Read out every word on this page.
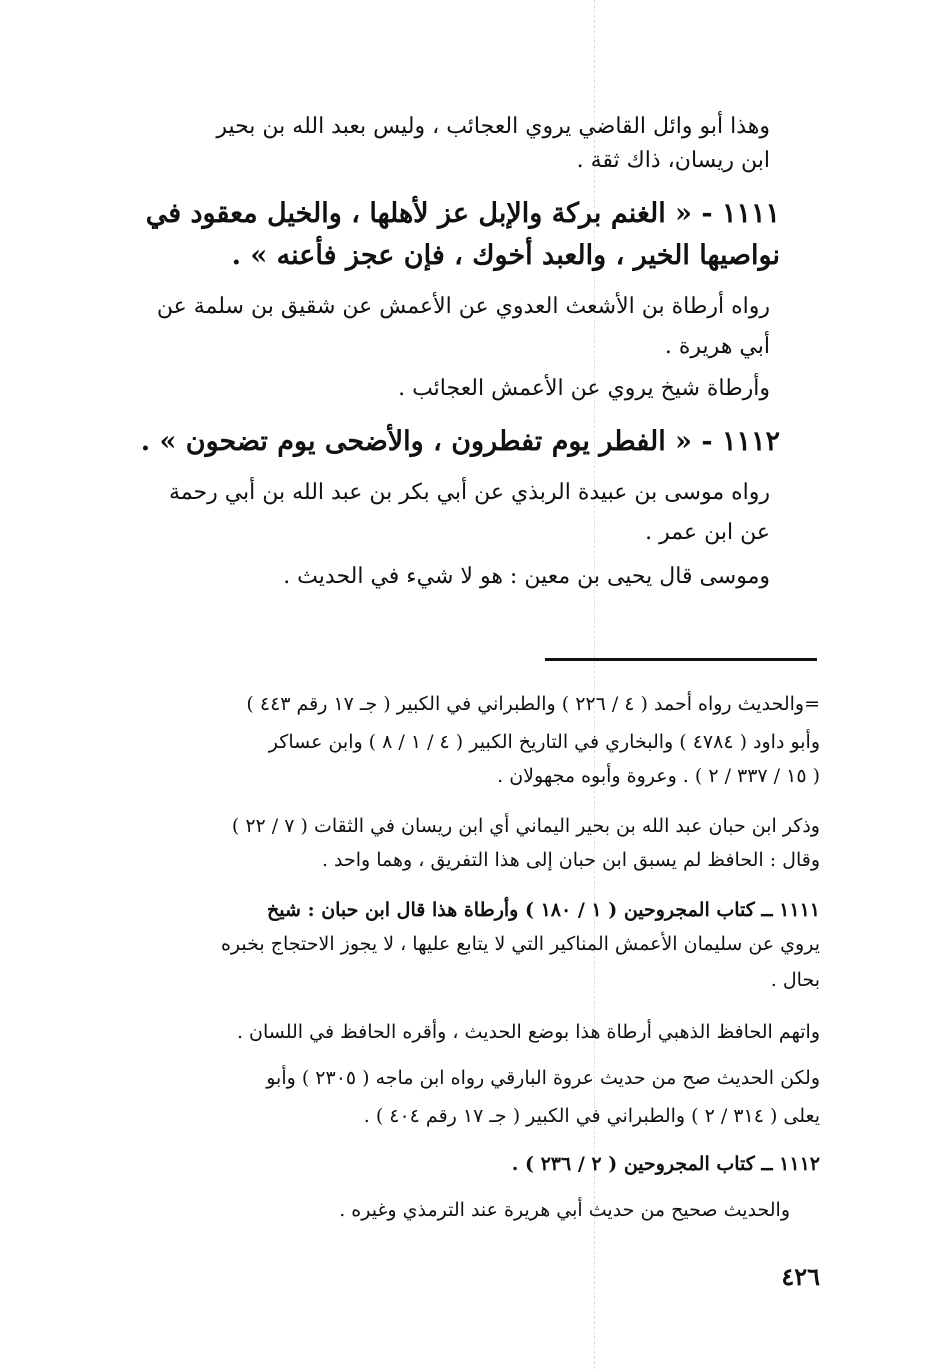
وهذا أبو وائل القاضي يروي العجائب ، وليس بعبد الله بن بحير
ابن ريسان، ذاك ثقة .
١١١١ - « الغنم بركة والإبل عز لأهلها ، والخيل معقود في
نواصيها الخير ، والعبد أخوك ، فإن عجز فأعنه » .
رواه أرطاة بن الأشعث العدوي عن الأعمش عن شقيق بن سلمة عن
أبي هريرة .
وأرطاة شيخ يروي عن الأعمش العجائب .
١١١٢ - « الفطر يوم تفطرون ، والأضحى يوم تضحون » .
رواه موسى بن عبيدة الربذي عن أبي بكر بن عبد الله بن أبي رحمة
عن ابن عمر .
وموسى قال يحيى بن معين : هو لا شيء في الحديث .
=والحديث رواه أحمد ( ٤ / ٢٢٦ ) والطبراني في الكبير ( جـ ١٧ رقم ٤٤٣ )
وأبو داود ( ٤٧٨٤ ) والبخاري في التاريخ الكبير ( ٤ / ١ / ٨ ) وابن عساكر
( ١٥ / ٣٣٧ / ٢ ) . وعروة وأبوه مجهولان .
وذكر ابن حبان عبد الله بن بحير اليماني أي ابن ريسان في الثقات ( ٧ / ٢٢ )
وقال : الحافظ لم يسبق ابن حبان إلى هذا التفريق ، وهما واحد .
١١١١ ــ كتاب المجروحين ( ١ / ١٨٠ ) وأرطاة هذا قال ابن حبان : شيخ
يروي عن سليمان الأعمش المناكير التي لا يتابع عليها ، لا يجوز الاحتجاج بخبره
بحال .
واتهم الحافظ الذهبي أرطاة هذا بوضع الحديث ، وأقره الحافظ في اللسان .
ولكن الحديث صح من حديث عروة البارقي رواه ابن ماجه ( ٢٣٠٥ ) وأبو
يعلى ( ٣١٤ / ٢ ) والطبراني في الكبير ( جـ ١٧ رقم ٤٠٤ ) .
١١١٢ ــ كتاب المجروحين ( ٢ / ٢٣٦ ) .
والحديث صحيح من حديث أبي هريرة عند الترمذي وغيره .
٤٢٦
